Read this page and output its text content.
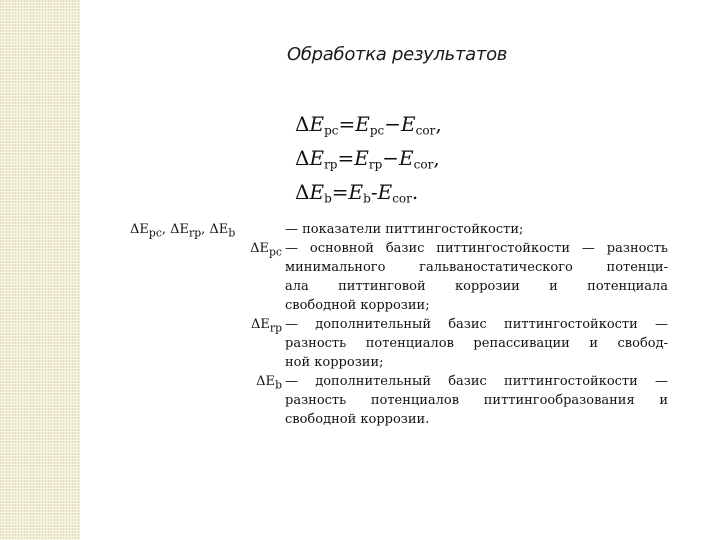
Обработка результатов
$\Delta E_{pc}=E_{pc}-E_{cor}$,
$\Delta E_{rp}=E_{rp}-E_{cor}$,
$\Delta E_b=E_b-E_{cor}$.
$\Delta E_{pc}$, $\Delta E_{rp}$, $\Delta E_b$	— показатели питтингостойкости;
$\Delta E_{pc}$ — основной базис питтингостойкости — разность
минимального гальваностатического потенци-
ала питтинговой коррозии и потенциала
свободной коррозии;
$\Delta E_{rp}$ — дополнительный базис питтингостойкости —
разность потенциалов репассивации и свобод-
ной коррозии;
$\Delta E_b$ — дополнительный базис питтингостойкости —
разность потенциалов питтингообразования и
свободной коррозии.
